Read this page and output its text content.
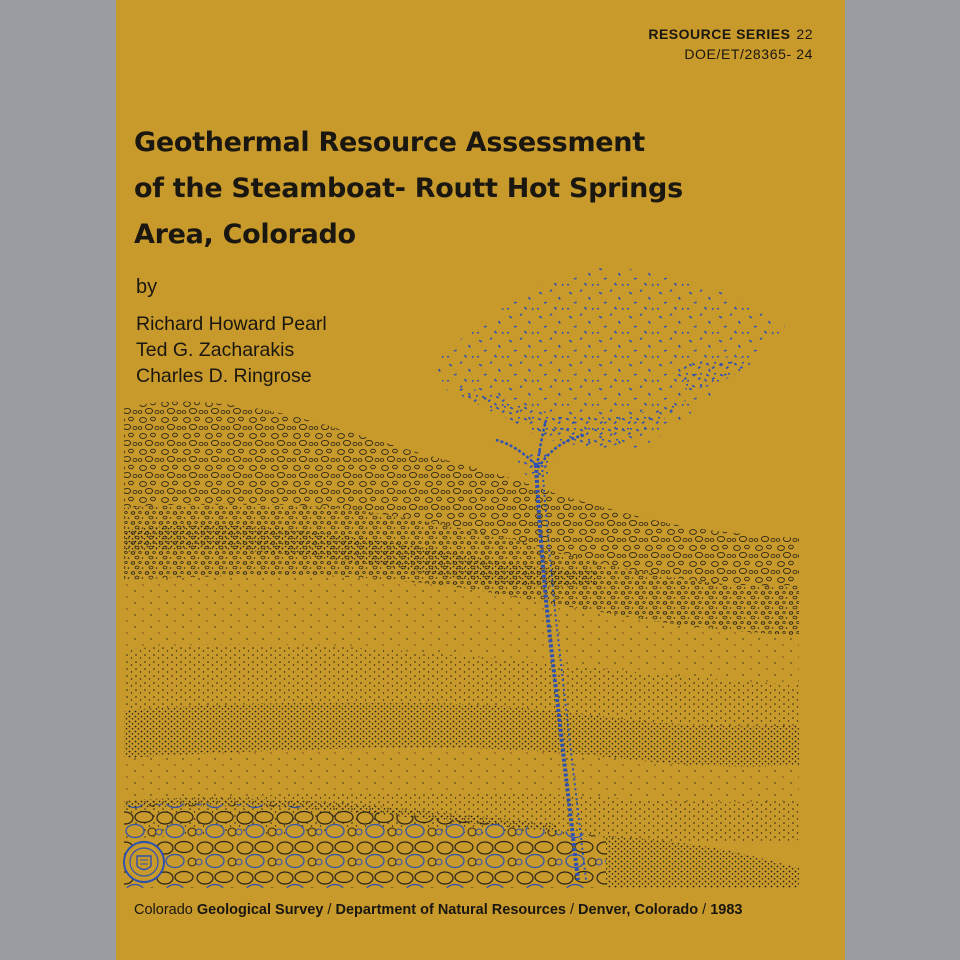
RESOURCE SERIES 22
DOE/ET/28365- 24
Geothermal Resource Assessment
of the Steamboat- Routt Hot Springs
Area, Colorado
by
Richard Howard Pearl
Ted G. Zacharakis
Charles D. Ringrose
Colorado Geological Survey / Department of Natural Resources / Denver, Colorado / 1983
